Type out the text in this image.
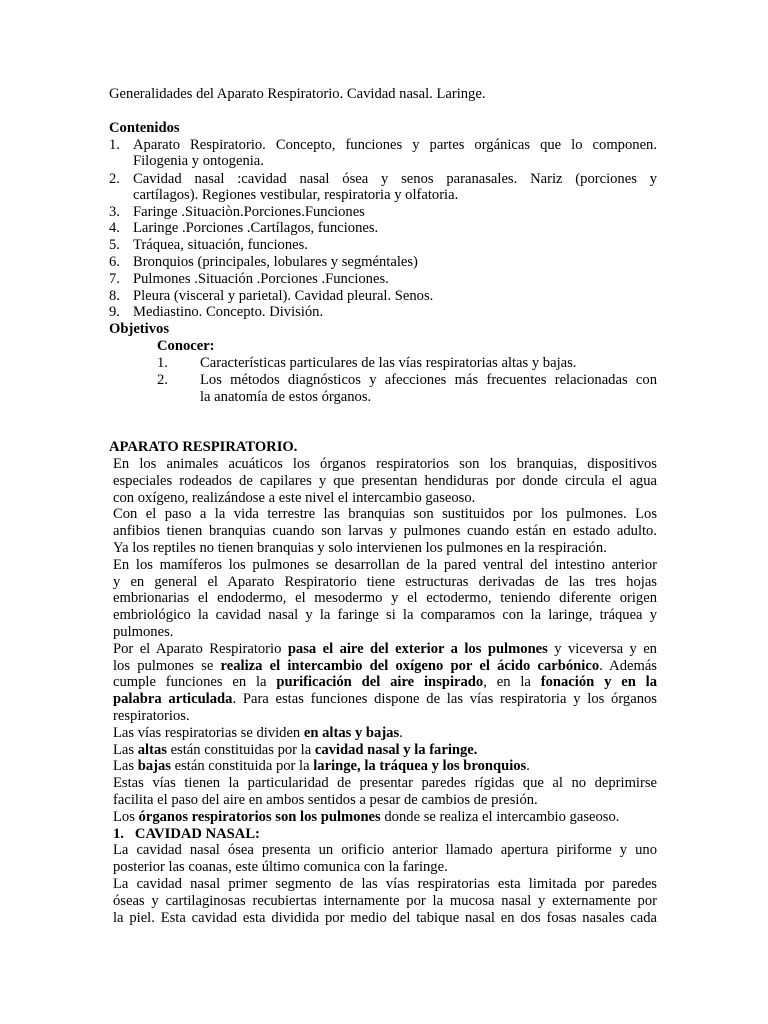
Generalidades del Aparato Respiratorio. Cavidad nasal. Laringe.
Contenidos
1. Aparato Respiratorio. Concepto, funciones y partes orgánicas que lo componen.
Filogenia y ontogenia.
2. Cavidad nasal :cavidad nasal ósea y senos paranasales. Nariz (porciones y
cartílagos). Regiones vestibular, respiratoria y olfatoria.
3. Faringe .Situaciòn.Porciones.Funciones
4. Laringe .Porciones .Cartílagos, funciones.
5. Tráquea, situación, funciones.
6. Bronquios (principales, lobulares y segméntales)
7. Pulmones .Situación .Porciones .Funciones.
8. Pleura (visceral y parietal). Cavidad pleural. Senos.
9. Mediastino. Concepto. División.
Objetivos
Conocer:
1. Características particulares de las vías respiratorias altas y bajas.
2. Los métodos diagnósticos y afecciones más frecuentes relacionadas con
la anatomía de estos órganos.
APARATO RESPIRATORIO.
En los animales acuáticos los órganos respiratorios son los branquias, dispositivos
especiales rodeados de capilares y que presentan hendiduras por donde circula el agua
con oxígeno, realizándose a este nivel el intercambio gaseoso.
Con el paso a la vida terrestre las branquias son sustituidos por los pulmones. Los
anfibios tienen branquias cuando son larvas y pulmones cuando están en estado adulto.
Ya los reptiles no tienen branquias y solo intervienen los pulmones en la respiración.
En los mamíferos los pulmones se desarrollan de la pared ventral del intestino anterior
y en general el Aparato Respiratorio tiene estructuras derivadas de las tres hojas
embrionarias el endodermo, el mesodermo y el ectodermo, teniendo diferente origen
embriológico la cavidad nasal y la faringe si la comparamos con la laringe, tráquea y
pulmones.
Por el Aparato Respiratorio pasa el aire del exterior a los pulmones y viceversa y en
los pulmones se realiza el intercambio del oxígeno por el ácido carbónico. Además
cumple funciones en la purificación del aire inspirado, en la fonación y en la
palabra articulada. Para estas funciones dispone de las vías respiratoria y los órganos
respiratorios.
Las vías respiratorias se dividen en altas y bajas.
Las altas están constituidas por la cavidad nasal y la faringe.
Las bajas están constituida por la laringe, la tráquea y los bronquios.
Estas vías tienen la particularidad de presentar paredes rígidas que al no deprimirse
facilita el paso del aire en ambos sentidos a pesar de cambios de presión.
Los órganos respiratorios son los pulmones donde se realiza el intercambio gaseoso.
1. CAVIDAD NASAL:
La cavidad nasal ósea presenta un orificio anterior llamado apertura piriforme y uno
posterior las coanas, este último comunica con la faringe.
La cavidad nasal primer segmento de las vías respiratorias esta limitada por paredes
óseas y cartilaginosas recubiertas internamente por la mucosa nasal y externamente por
la piel. Esta cavidad esta dividida por medio del tabique nasal en dos fosas nasales cada
